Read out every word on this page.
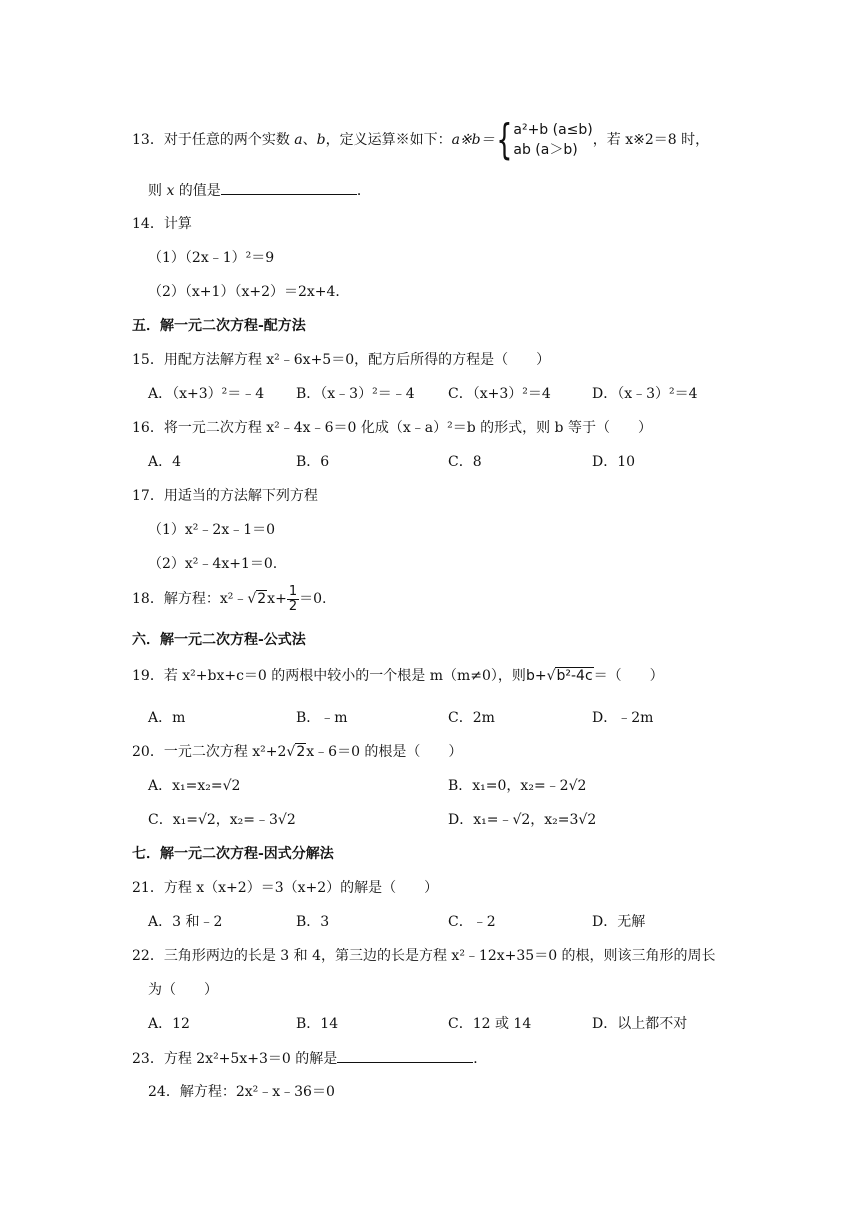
13．对于任意的两个实数 a、b，定义运算※如下：a※b＝{ a²+b (a≤b)
ab (a＞b)
，若 x※2＝8 时，
则 x 的值是	．
14．计算
（1）（2x﹣1）²＝9
（2）（x+1）（x+2）＝2x+4．
五．解一元二次方程-配方法
15．用配方法解方程 x²﹣6x+5＝0，配方后所得的方程是（　　）
A．（x+3）²＝﹣4 B．（x﹣3）²＝﹣4 C．（x+3）²＝4	D．（x﹣3）²＝4
16．将一元二次方程 x²﹣4x﹣6＝0 化成（x﹣a）²＝b 的形式，则 b 等于（　　）
A．4	B．6	C．8	D．10
17．用适当的方法解下列方程
（1）x²﹣2x﹣1＝0
（2）x²﹣4x+1＝0.
18．解方程：x²﹣√2x+ $\frac{1}{2} =0$.
六．解一元二次方程-公式法
19．若 x²+bx+c＝0 的两根中较小的一个根是 m（m≠0），则b+√b²-4c＝（　　）
A．m	B．﹣m	C．2m	D．﹣2m
20．一元二次方程 x²+2√2x﹣6＝0 的根是（　　）
A．x₁=x₂=√2	B．x₁=0，x₂=﹣2√2
C．x₁=√2，x₂=﹣3√2	D．x₁=﹣√2，x₂=3√2
七．解一元二次方程-因式分解法
21．方程 x（x+2）＝3（x+2）的解是（　　）
A．3 和﹣2	B．3	C．﹣2	D．无解
22．三角形两边的长是 3 和 4，第三边的长是方程 x²﹣12x+35＝0 的根，则该三角形的周长
为（　　）
A．12	B．14	C．12 或 14	D．以上都不对
23．方程 2x²+5x+3＝0 的解是	．
24．解方程：2x²﹣x﹣36＝0
